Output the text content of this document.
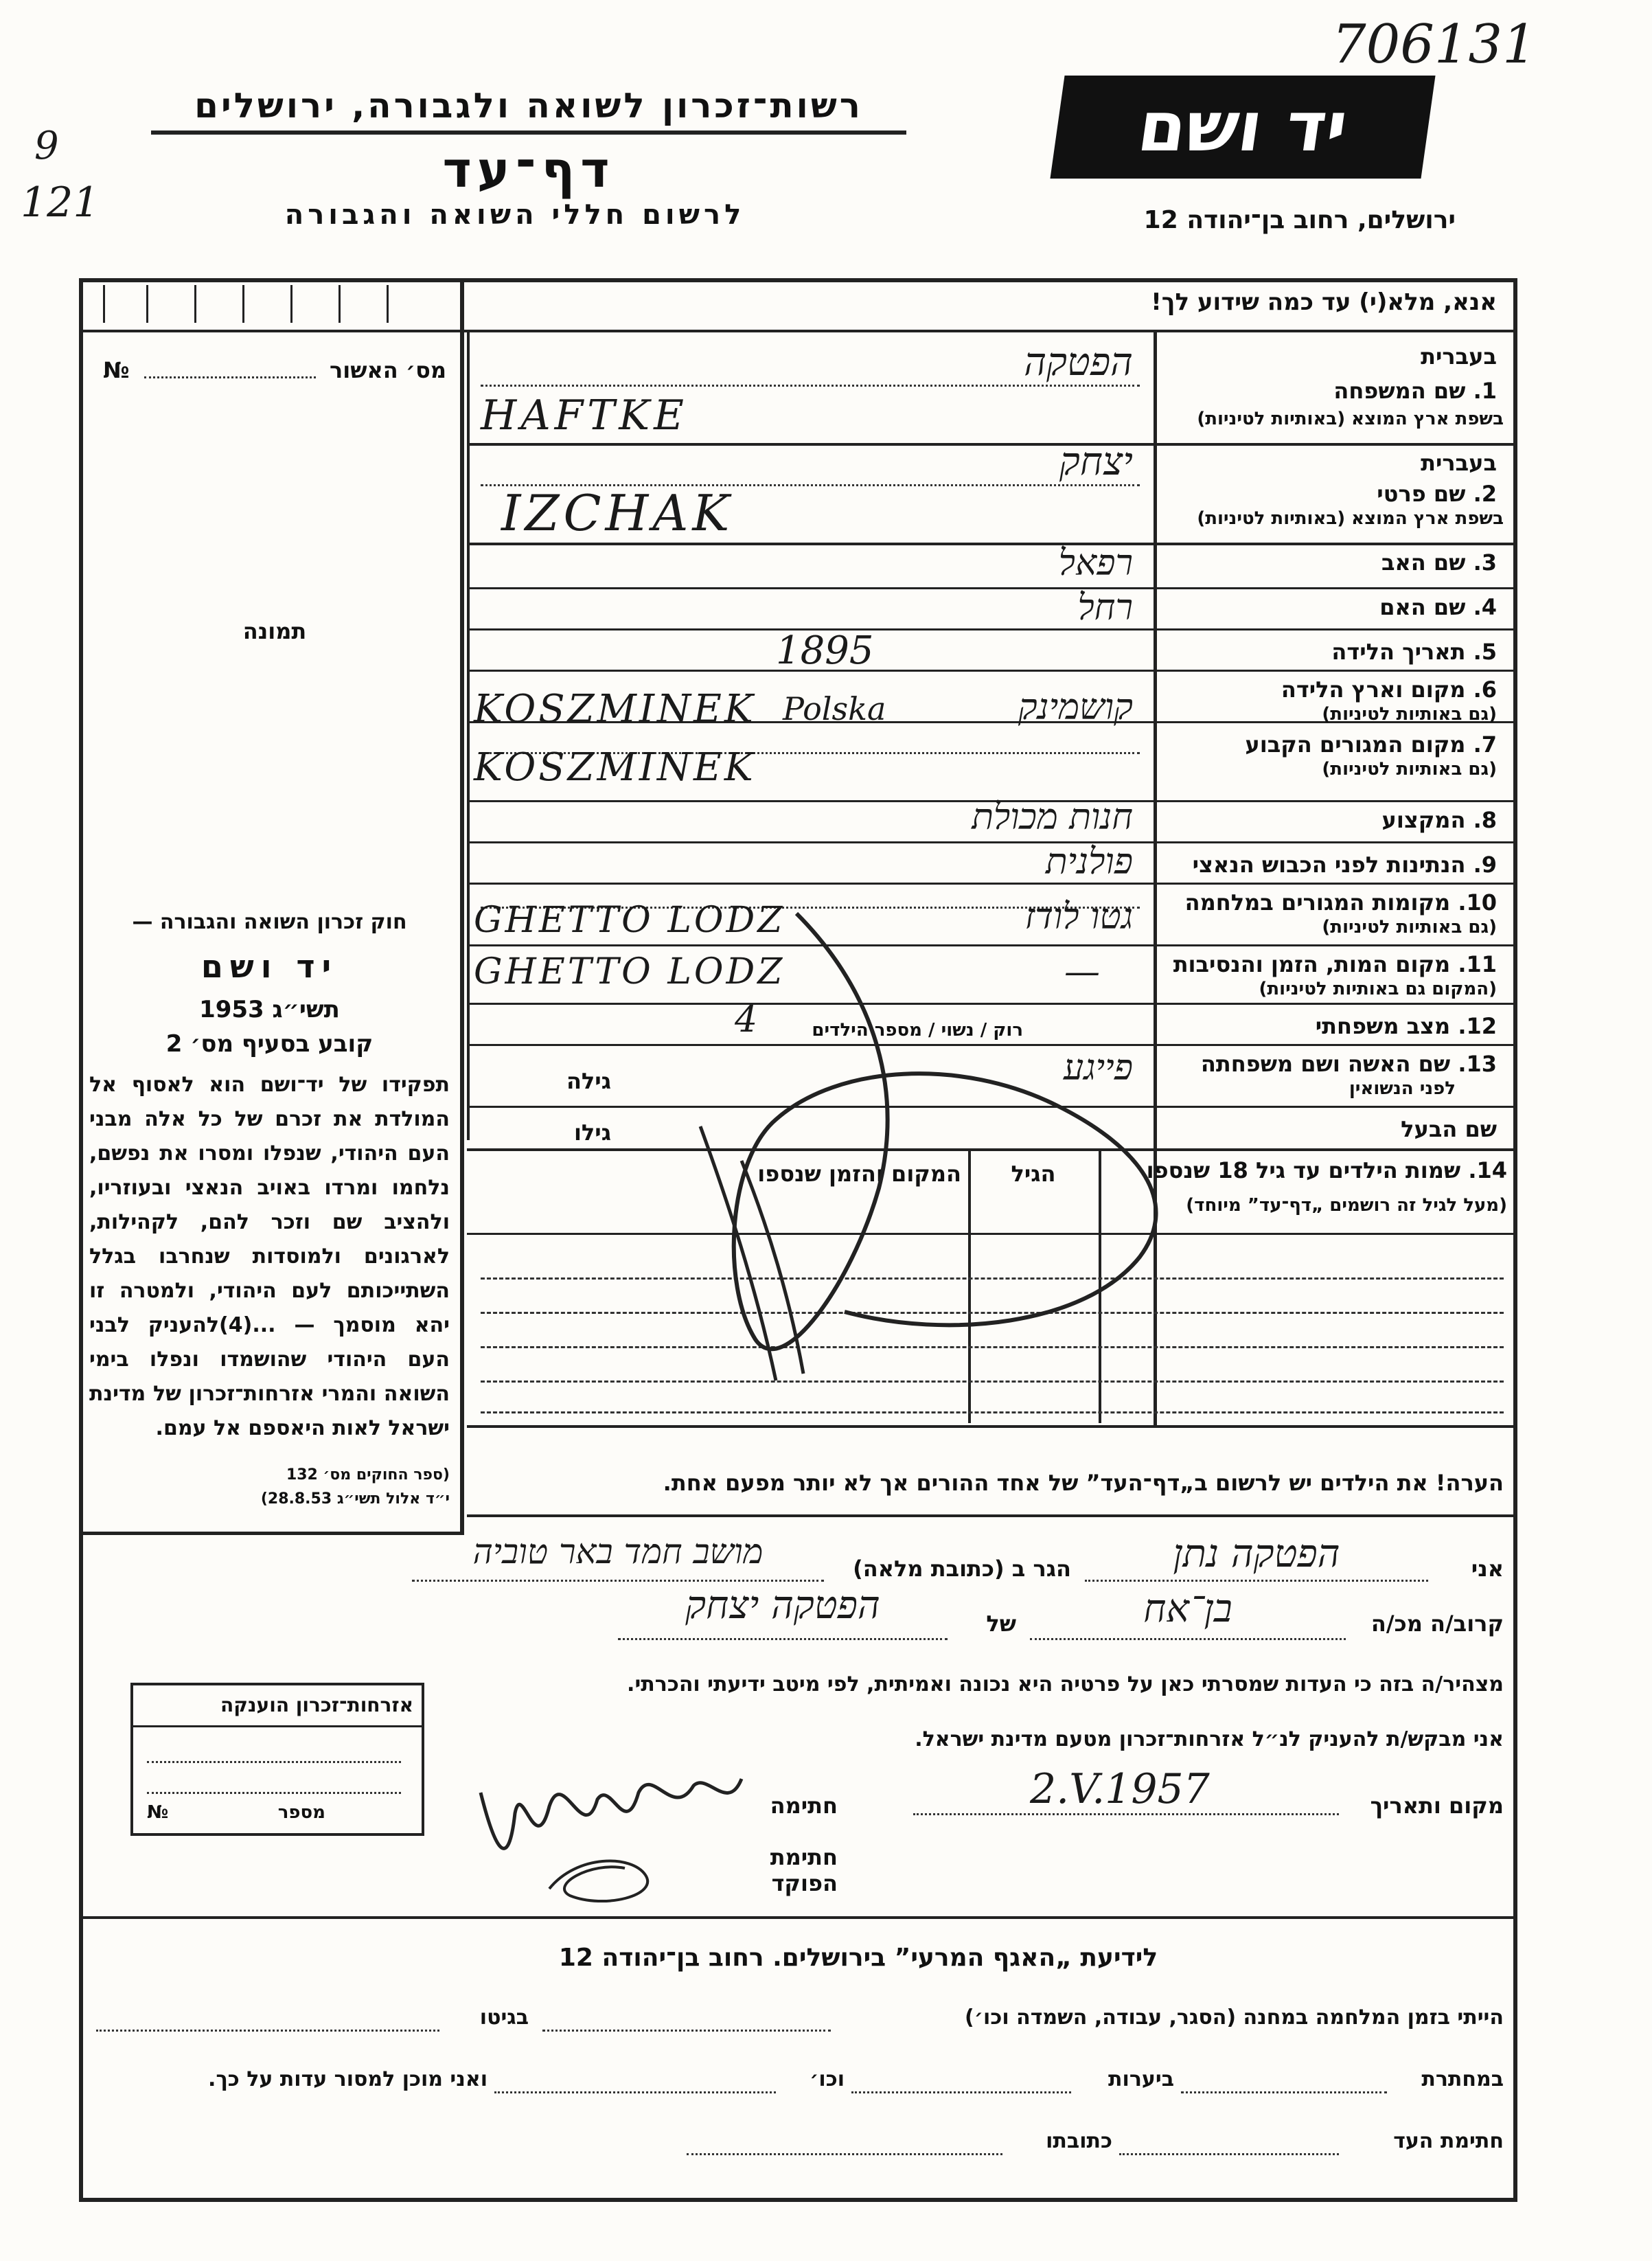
706131
9
121
רשות־זכרון לשואה ולגבורה, ירושלים
דף־עד
לרשום חללי השואה והגבורה
יד ושם
ירושלים, רחוב בן־יהודה 12
אנא, מלא(י) עד כמה שידוע לך!
מס׳ האשור
№
תמונה
חוק זכרון השואה והגבורה —
יד ושם
תשי״ג 1953
קובע בסעיף מס׳ 2
תפקידו של יד־ושם הוא לאסוף אל המולדת את זכרם של כל אלה מבני העם היהודי, שנפלו ומסרו את נפשם, נלחמו ומרדו באויב הנאצי ובעוזריו, ולהציב שם וזכר להם, לקהילות, לארגונים ולמוסדות שנחרבו בגלל השתייכותם לעם היהודי, ולמטרה זו יהא מוסמך — ...(4)להעניק לבני העם היהודי שהושמדו ונפלו בימי השואה והמרי אזרחות־זכרון של מדינת ישראל לאות היאספם אל עמם.
(ספר החוקים מס׳ 132
י״ד אלול תשי״ג 28.8.53)
בעברית
1. שם המשפחה
בשפת ארץ המוצא (באותיות לטיניות)
הפטקה
HAFTKE
בעברית
2. שם פרטי
בשפת ארץ המוצא (באותיות לטיניות)
יצחק
IZCHAK
3. שם האב
רפאל
4. שם האם
רחל
5. תאריך הלידה
1895
6. מקום וארץ הלידה
(גם באותיות לטיניות)
KOSZMINEK Polska	קושמינק
7. מקום המגורים הקבוע
(גם באותיות לטיניות)
KOSZMINEK
8. המקצוע
חנות מכולת
9. הנתינות לפני הכבוש הנאצי
פולנית
10. מקומות המגורים במלחמה
(גם באותיות לטיניות)
GHETTO LODZ	גטו לודז
11. מקום המות, הזמן והנסיבות
(המקום גם באותיות לטיניות)
GHETTO LODZ	—
12. מצב משפחתי
רוק / נשוי / מספר הילדים
4
13. שם האשה ושם משפחתה
לפני הנשואין
פייגע
גילה
שם הבעל
גילו
14. שמות הילדים עד גיל 18 שנספו
(מעל לגיל זה רושמים „דף־עד” מיוחד)
הגיל
המקום והזמן שנספו
הערה! את הילדים יש לרשום ב„דף־העד” של אחד ההורים אך לא יותר מפעם אחת.
אני
הפטקה נתן
הגר ב (כתובת מלאה)
מושב חמד באר טוביה
קרוב/ה מכ/ה
בן־אח
של
הפטקה יצחק
מצהיר/ה בזה כי העדות שמסרתי כאן על פרטיה היא נכונה ואמיתית, לפי מיטב ידיעתי והכרתי.
אני מבקש/ת להעניק לנ״ל אזרחות־זכרון מטעם מדינת ישראל.
מקום ותאריך
2.V.1957
חתימה
חתימת הפוקד
אזרחות־זכרון הוענקה
מספר
№
לידיעת „האגף המרעי” בירושלים. רחוב בן־יהודה 12
הייתי בזמן המלחמה במחנה (הסגר, עבודה, השמדה וכו׳)
בגיטו
במחתרת
ביערות
וכו׳
ואני מוכן למסור עדות על כך.
חתימת העד
כתובתו
